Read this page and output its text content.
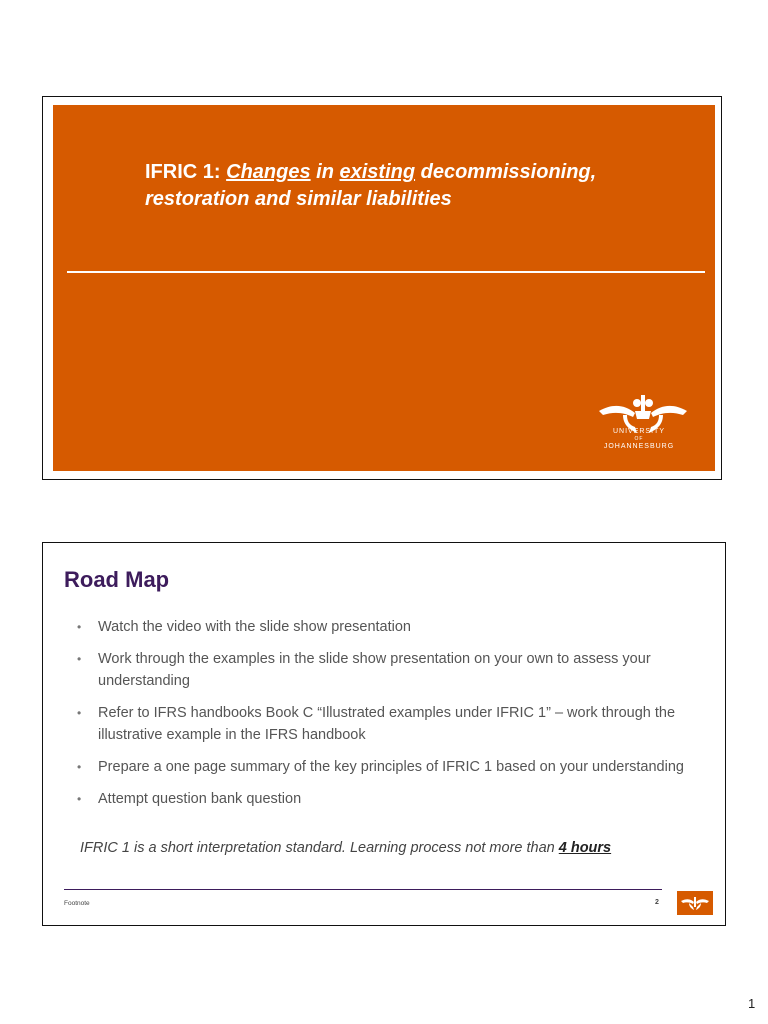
IFRIC 1: Changes in existing decommissioning, restoration and similar liabilities
UNIVERSITY
OF
JOHANNESBURG
Road Map
• Watch the video with the slide show presentation
• Work through the examples in the slide show presentation on your own to assess your understanding
• Refer to IFRS handbooks Book C “Illustrated examples under IFRIC 1” – work through the illustrative example in the IFRS handbook
• Prepare a one page summary of the key principles of IFRIC 1 based on your understanding
• Attempt question bank question
IFRIC 1 is a short interpretation standard. Learning process not more than 4 hours
Footnote	2
1
